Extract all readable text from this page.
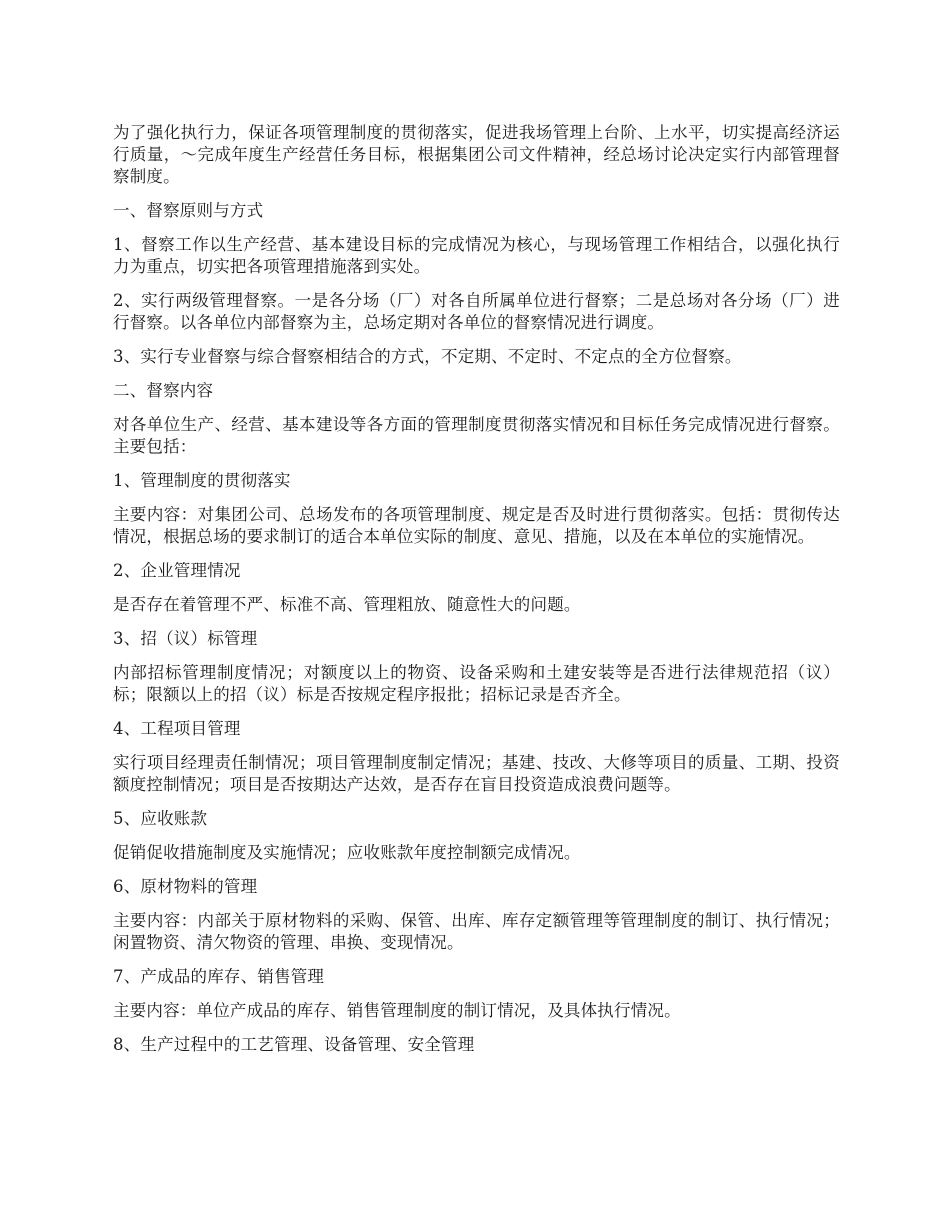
为了强化执行力，保证各项管理制度的贯彻落实，促进我场管理上台阶、上水平，切实提高经济运行质量，～完成年度生产经营任务目标，根据集团公司文件精神，经总场讨论决定实行内部管理督察制度。

一、督察原则与方式

1、督察工作以生产经营、基本建设目标的完成情况为核心，与现场管理工作相结合，以强化执行力为重点，切实把各项管理措施落到实处。

2、实行两级管理督察。一是各分场（厂）对各自所属单位进行督察；二是总场对各分场（厂）进行督察。以各单位内部督察为主，总场定期对各单位的督察情况进行调度。

3、实行专业督察与综合督察相结合的方式，不定期、不定时、不定点的全方位督察。

二、督察内容

对各单位生产、经营、基本建设等各方面的管理制度贯彻落实情况和目标任务完成情况进行督察。主要包括：

1、管理制度的贯彻落实

主要内容：对集团公司、总场发布的各项管理制度、规定是否及时进行贯彻落实。包括：贯彻传达情况，根据总场的要求制订的适合本单位实际的制度、意见、措施，以及在本单位的实施情况。

2、企业管理情况

是否存在着管理不严、标准不高、管理粗放、随意性大的问题。

3、招（议）标管理

内部招标管理制度情况；对额度以上的物资、设备采购和土建安装等是否进行法律规范招（议）标；限额以上的招（议）标是否按规定程序报批；招标记录是否齐全。

4、工程项目管理

实行项目经理责任制情况；项目管理制度制定情况；基建、技改、大修等项目的质量、工期、投资额度控制情况；项目是否按期达产达效，是否存在盲目投资造成浪费问题等。

5、应收账款

促销促收措施制度及实施情况；应收账款年度控制额完成情况。

6、原材物料的管理

主要内容：内部关于原材物料的采购、保管、出库、库存定额管理等管理制度的制订、执行情况；闲置物资、清欠物资的管理、串换、变现情况。

7、产成品的库存、销售管理

主要内容：单位产成品的库存、销售管理制度的制订情况，及具体执行情况。

8、生产过程中的工艺管理、设备管理、安全管理
